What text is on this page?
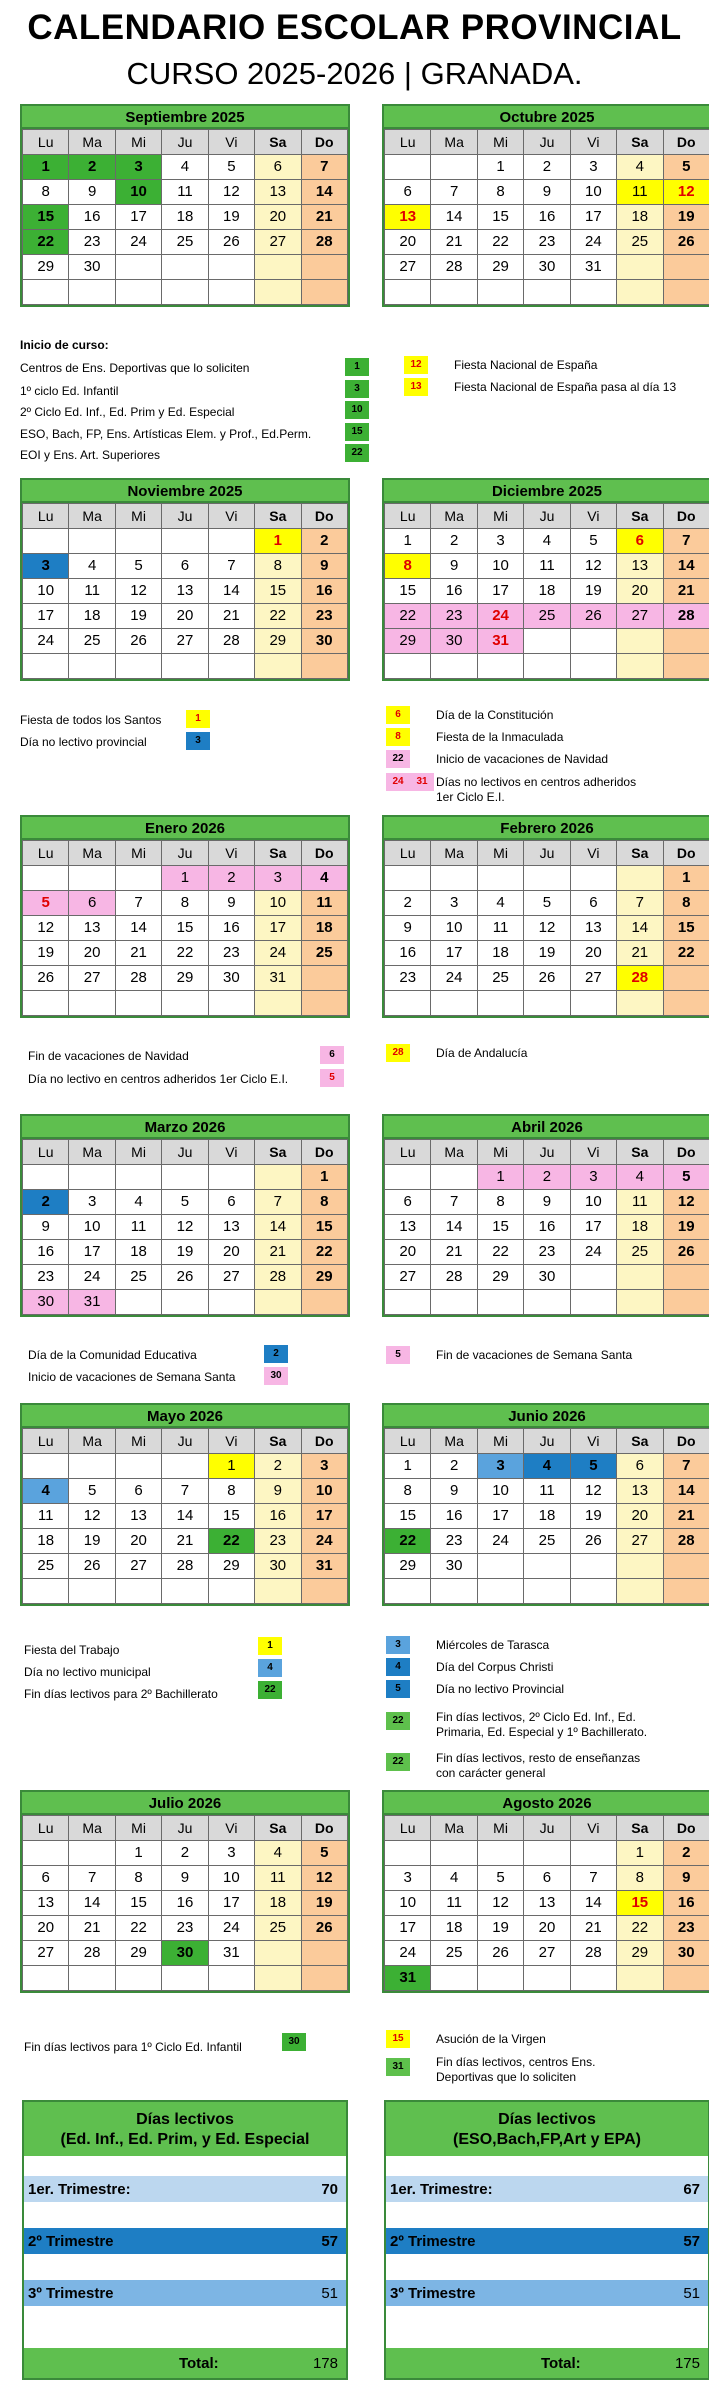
CALENDARIO ESCOLAR PROVINCIAL
CURSO 2025-2026 | GRANADA.
Septiembre 2025
Lu	Ma	Mi	Ju	Vi	Sa	Do
1	2	3	4	5	6	7
8	9	10	11	12	13	14
15	16	17	18	19	20	21
22	23	24	25	26	27	28
29	30					

Octubre 2025
Lu	Ma	Mi	Ju	Vi	Sa	Do
		1	2	3	4	5
6	7	8	9	10	11	12
13	14	15	16	17	18	19
20	21	22	23	24	25	26
27	28	29	30	31		

Noviembre 2025
Lu	Ma	Mi	Ju	Vi	Sa	Do
					1	2
3	4	5	6	7	8	9
10	11	12	13	14	15	16
17	18	19	20	21	22	23
24	25	26	27	28	29	30

Diciembre 2025
Lu	Ma	Mi	Ju	Vi	Sa	Do
1	2	3	4	5	6	7
8	9	10	11	12	13	14
15	16	17	18	19	20	21
22	23	24	25	26	27	28
29	30	31				

Enero 2026
Lu	Ma	Mi	Ju	Vi	Sa	Do
			1	2	3	4
5	6	7	8	9	10	11
12	13	14	15	16	17	18
19	20	21	22	23	24	25
26	27	28	29	30	31	

Febrero 2026
Lu	Ma	Mi	Ju	Vi	Sa	Do
						1
2	3	4	5	6	7	8
9	10	11	12	13	14	15
16	17	18	19	20	21	22
23	24	25	26	27	28	

Marzo 2026
Lu	Ma	Mi	Ju	Vi	Sa	Do
						1
2	3	4	5	6	7	8
9	10	11	12	13	14	15
16	17	18	19	20	21	22
23	24	25	26	27	28	29
30	31					
Abril 2026
Lu	Ma	Mi	Ju	Vi	Sa	Do
		1	2	3	4	5
6	7	8	9	10	11	12
13	14	15	16	17	18	19
20	21	22	23	24	25	26
27	28	29	30			

Mayo 2026
Lu	Ma	Mi	Ju	Vi	Sa	Do
				1	2	3
4	5	6	7	8	9	10
11	12	13	14	15	16	17
18	19	20	21	22	23	24
25	26	27	28	29	30	31

Junio 2026
Lu	Ma	Mi	Ju	Vi	Sa	Do
1	2	3	4	5	6	7
8	9	10	11	12	13	14
15	16	17	18	19	20	21
22	23	24	25	26	27	28
29	30					

Julio 2026
Lu	Ma	Mi	Ju	Vi	Sa	Do
		1	2	3	4	5
6	7	8	9	10	11	12
13	14	15	16	17	18	19
20	21	22	23	24	25	26
27	28	29	30	31		

Agosto 2026
Lu	Ma	Mi	Ju	Vi	Sa	Do
					1	2
3	4	5	6	7	8	9
10	11	12	13	14	15	16
17	18	19	20	21	22	23
24	25	26	27	28	29	30
31						
Inicio de curso:
Centros de Ens. Deportivas que lo soliciten
1º ciclo Ed. Infantil
2º Ciclo Ed. Inf., Ed. Prim y Ed. Especial
ESO, Bach, FP, Ens. Artísticas Elem. y Prof., Ed.Perm.
EOI y Ens. Art. Superiores
1
3
10
15
22
12	Fiesta Nacional de España
13	Fiesta Nacional de España pasa al día 13
Fiesta de todos los Santos	1
Día no lectivo provincial	3
6	Día de la Constitución
8	Fiesta de la Inmaculada
22	Inicio de vacaciones de Navidad
24	31 Días no lectivos en centros adheridos
1er Ciclo E.I.
Fin de vacaciones de Navidad	6
Día no lectivo en centros adheridos 1er Ciclo E.I.	5
28	Día de Andalucía
Día de la Comunidad Educativa	2
Inicio de vacaciones de Semana Santa	30
5	Fin de vacaciones de Semana Santa
Fiesta del Trabajo	1
Día no lectivo municipal	4
Fin días lectivos para 2º Bachillerato	22
3	Miércoles de Tarasca
4	Día del Corpus Christi
5	Día no lectivo Provincial
22	Fin días lectivos, 2º Ciclo Ed. Inf., Ed.
Primaria, Ed. Especial y 1º Bachillerato.
22	Fin días lectivos, resto de enseñanzas
con carácter general
Fin días lectivos para 1º Ciclo Ed. Infantil	30	15	Asución de la Virgen
31	Fin días lectivos, centros Ens.
Deportivas que lo soliciten
Días lectivos
(Ed. Inf., Ed. Prim, y Ed. Especial
1er. Trimestre:	70
2º Trimestre	57
3º Trimestre	51
Total:	178
Días lectivos
(ESO,Bach,FP,Art y EPA)
1er. Trimestre:	67
2º Trimestre	57
3º Trimestre	51
Total:	175
